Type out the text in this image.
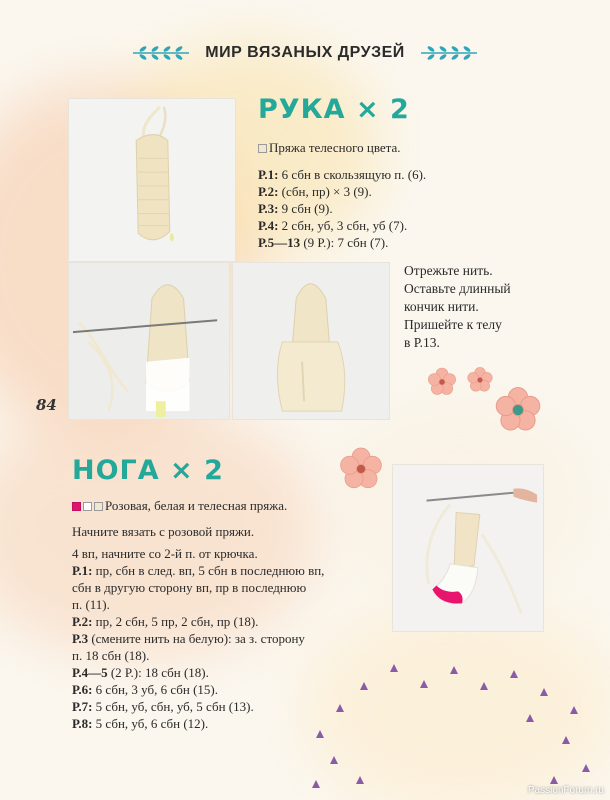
МИР ВЯЗАНЫХ ДРУЗЕЙ
РУКА × 2
Пряжа телесного цвета.
Р.1: 6 сбн в скользящую п. (6).
Р.2: (сбн, пр) × 3 (9).
Р.3: 9 сбн (9).
Р.4: 2 сбн, уб, 3 сбн, уб (7).
Р.5—13 (9 Р.): 7 сбн (7).
Отрежьте нить.
Оставьте длинный
кончик нити.
Пришейте к телу
в Р.13.
84
НОГА × 2
Розовая, белая и телесная пряжа.
Начните вязать с розовой пряжи.
4 вп, начните со 2-й п. от крючка.
Р.1: пр, сбн в след. вп, 5 сбн в последнюю вп,
сбн в другую сторону вп, пр в последнюю
п. (11).
Р.2: пр, 2 сбн, 5 пр, 2 сбн, пр (18).
Р.3 (смените нить на белую): за з. сторону
п. 18 сбн (18).
Р.4—5 (2 Р.): 18 сбн (18).
Р.6: 6 сбн, 3 уб, 6 сбн (15).
Р.7: 5 сбн, уб, сбн, уб, 5 сбн (13).
Р.8: 5 сбн, уб, 6 сбн (12).
PassionForum.ru
